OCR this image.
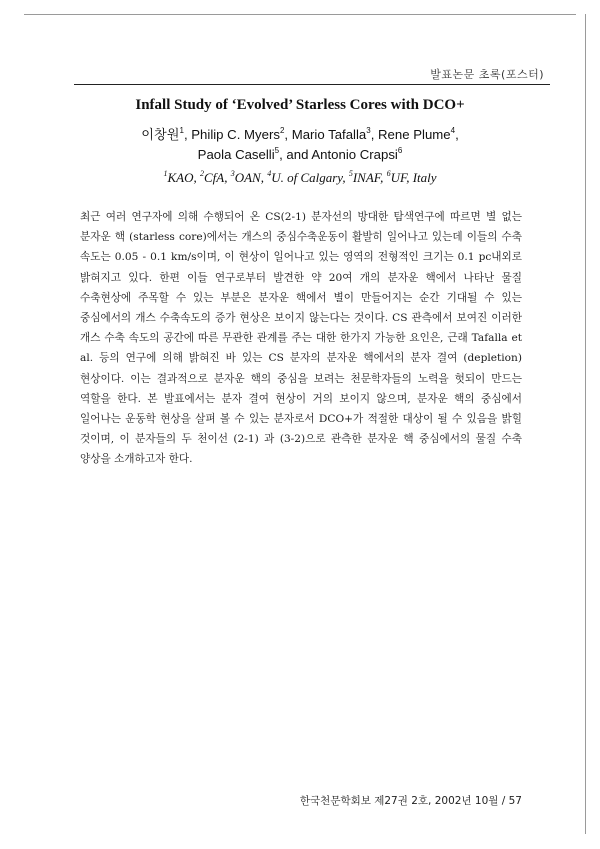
발표논문 초록(포스터)
Infall Study of ‘Evolved’ Starless Cores with DCO+
이창원$^1$, Philip C. Myers$^2$, Mario Tafalla$^3$, Rene Plume$^4$,
Paola Caselli$^5$, and Antonio Crapsi$^6$
$^1$KAO, $^2$CfA, $^3$OAN, $^4$U. of Calgary, $^5$INAF, $^6$UF, Italy
최근 여러 연구자에 의해 수행되어 온 CS(2-1) 분자선의 방대한 탐색연구에 따르면 별 없는 분자운 핵 (starless core)에서는 개스의 중심수축운동이 활발히 일어나고 있는데 이들의 수축 속도는 0.05 - 0.1 km/s이며, 이 현상이 일어나고 있는 영역의 전형적인 크기는 0.1 pc내외로 밝혀지고 있다. 한편 이들 연구로부터 발견한 약 20여 개의 분자운 핵에서 나타난 물질 수축현상에 주목할 수 있는 부분은 분자운 핵에서 별이 만들어지는 순간 기대될 수 있는 중심에서의 개스 수축속도의 증가 현상은 보이지 않는다는 것이다. CS 관측에서 보여진 이러한 개스 수축 속도의 공간에 따른 무관한 관계를 주는 대한 한가지 가능한 요인은, 근래 Tafalla et al. 등의 연구에 의해 밝혀진 바 있는 CS 분자의 분자운 핵에서의 분자 결여 (depletion) 현상이다. 이는 결과적으로 분자운 핵의 중심을 보려는 천문학자들의 노력을 헛되이 만드는 역할을 한다. 본 발표에서는 분자 결여 현상이 거의 보이지 않으며, 분자운 핵의 중심에서 일어나는 운동학 현상을 살펴 볼 수 있는 분자로서 DCO+가 적절한 대상이 될 수 있음을 밝힐 것이며, 이 분자들의 두 천이선 (2-1) 과 (3-2)으로 관측한 분자운 핵 중심에서의 물질 수축 양상을 소개하고자 한다.
한국천문학회보 제27권 2호, 2002년 10월 / 57
